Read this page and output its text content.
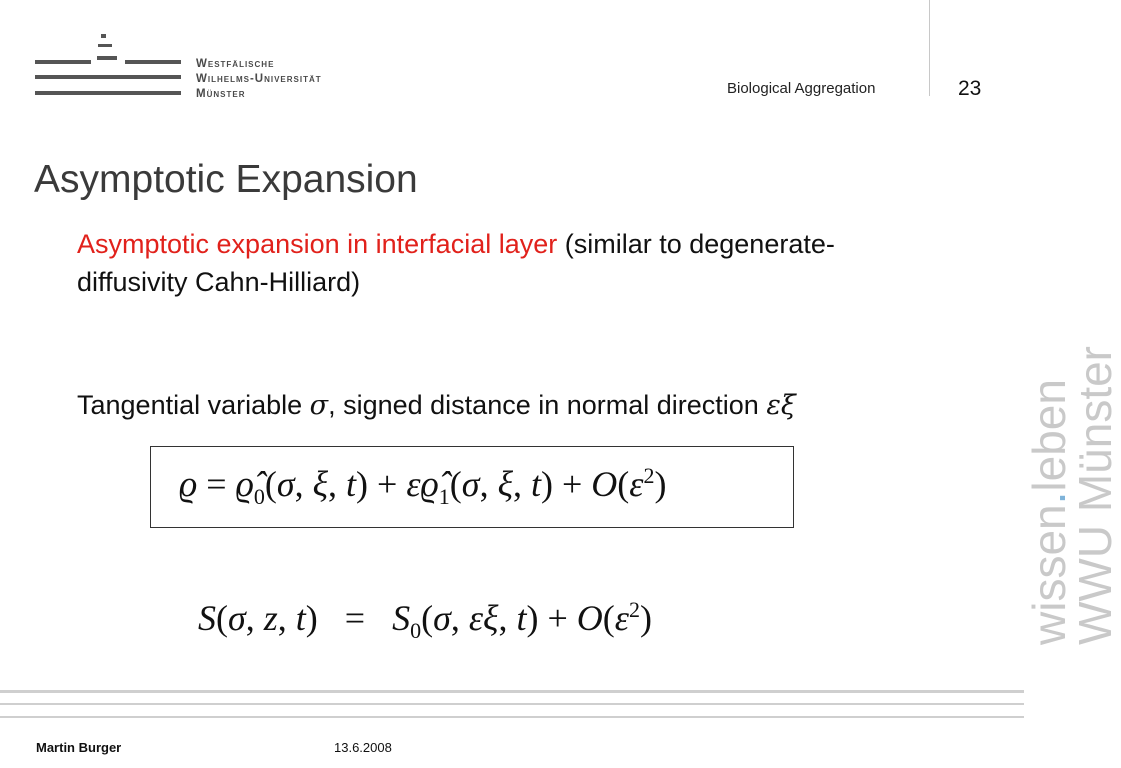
Westfälische
Wilhelms-Universität
Münster	Biological Aggregation	23
Asymptotic Expansion
Asymptotic expansion in interfacial layer (similar to degenerate-diffusivity Cahn-Hilliard)
Tangential variable σ, signed distance in normal direction εξ
$ϱ = ϱ̂_0(\sigma$, ξ, $t) + \varepsilon ϱ̂_1(\sigma$, ξ, $t) + O(\varepsilon^2)$
S(σ, z, $t) = S_0(\sigma$, εξ, $t) + O(\varepsilon^2)$	wissen.leben
WWU Münster
Martin Burger	13.6.2008
